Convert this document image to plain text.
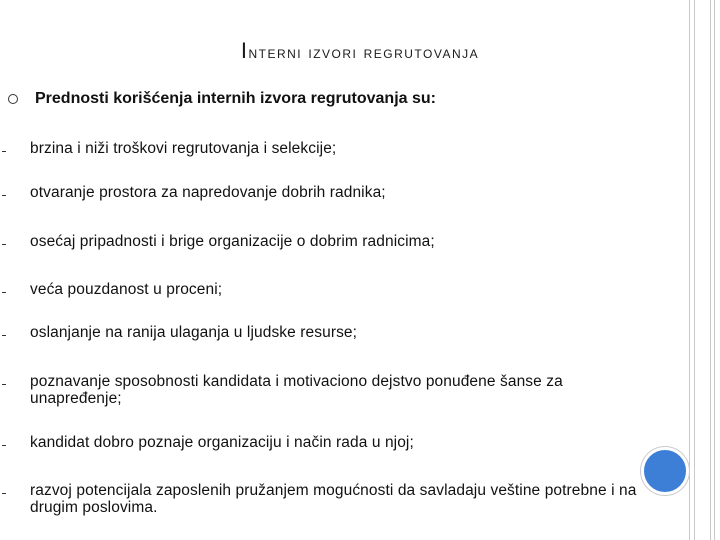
Interni izvori regrutovanja
Prednosti korišćenja internih izvora regrutovanja su:
brzina i niži troškovi regrutovanja i selekcije;
otvaranje prostora za napredovanje dobrih radnika;
osećaj pripadnosti i brige organizacije o dobrim radnicima;
veća pouzdanost u proceni;
oslanjanje na ranija ulaganja u ljudske resurse;
poznavanje sposobnosti kandidata i motivaciono dejstvo ponuđene šanse za unapređenje;
kandidat dobro poznaje organizaciju i način rada u njoj;
razvoj potencijala zaposlenih pružanjem mogućnosti da savladaju veštine potrebne i na drugim poslovima.
